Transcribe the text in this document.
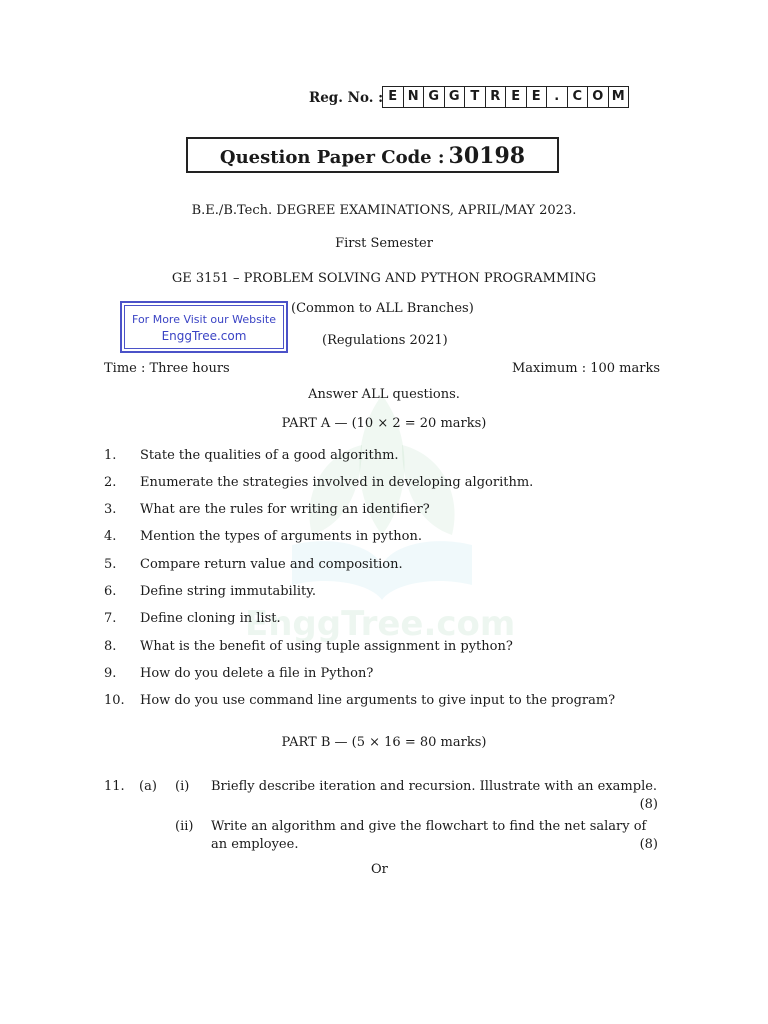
Reg. No. : E N G G T R E E	.	C O M
Question Paper Code : 30198
B.E./B.Tech. DEGREE EXAMINATIONS, APRIL/MAY 2023.
First Semester
GE 3151 – PROBLEM SOLVING AND PYTHON PROGRAMMING
(Common to ALL Branches)
(Regulations 2021)
For More Visit our Website
EnggTree.com
EnggTree.com
Time : Three hours	Maximum : 100 marks
Answer ALL questions.
PART A — (10 × 2 = 20 marks)
1. State the qualities of a good algorithm.
2. Enumerate the strategies involved in developing algorithm.
3. What are the rules for writing an identifier?
4. Mention the types of arguments in python.
5. Compare return value and composition.
6. Define string immutability.
7. Define cloning in list.
8. What is the benefit of using tuple assignment in python?
9. How do you delete a file in Python?
10. How do you use command line arguments to give input to the program?
PART B — (5 × 16 = 80 marks)
11. (a) (i) Briefly describe iteration and recursion. Illustrate with an example.
(8)
(ii) Write an algorithm and give the flowchart to find the net salary of
an employee.	(8)
Or
